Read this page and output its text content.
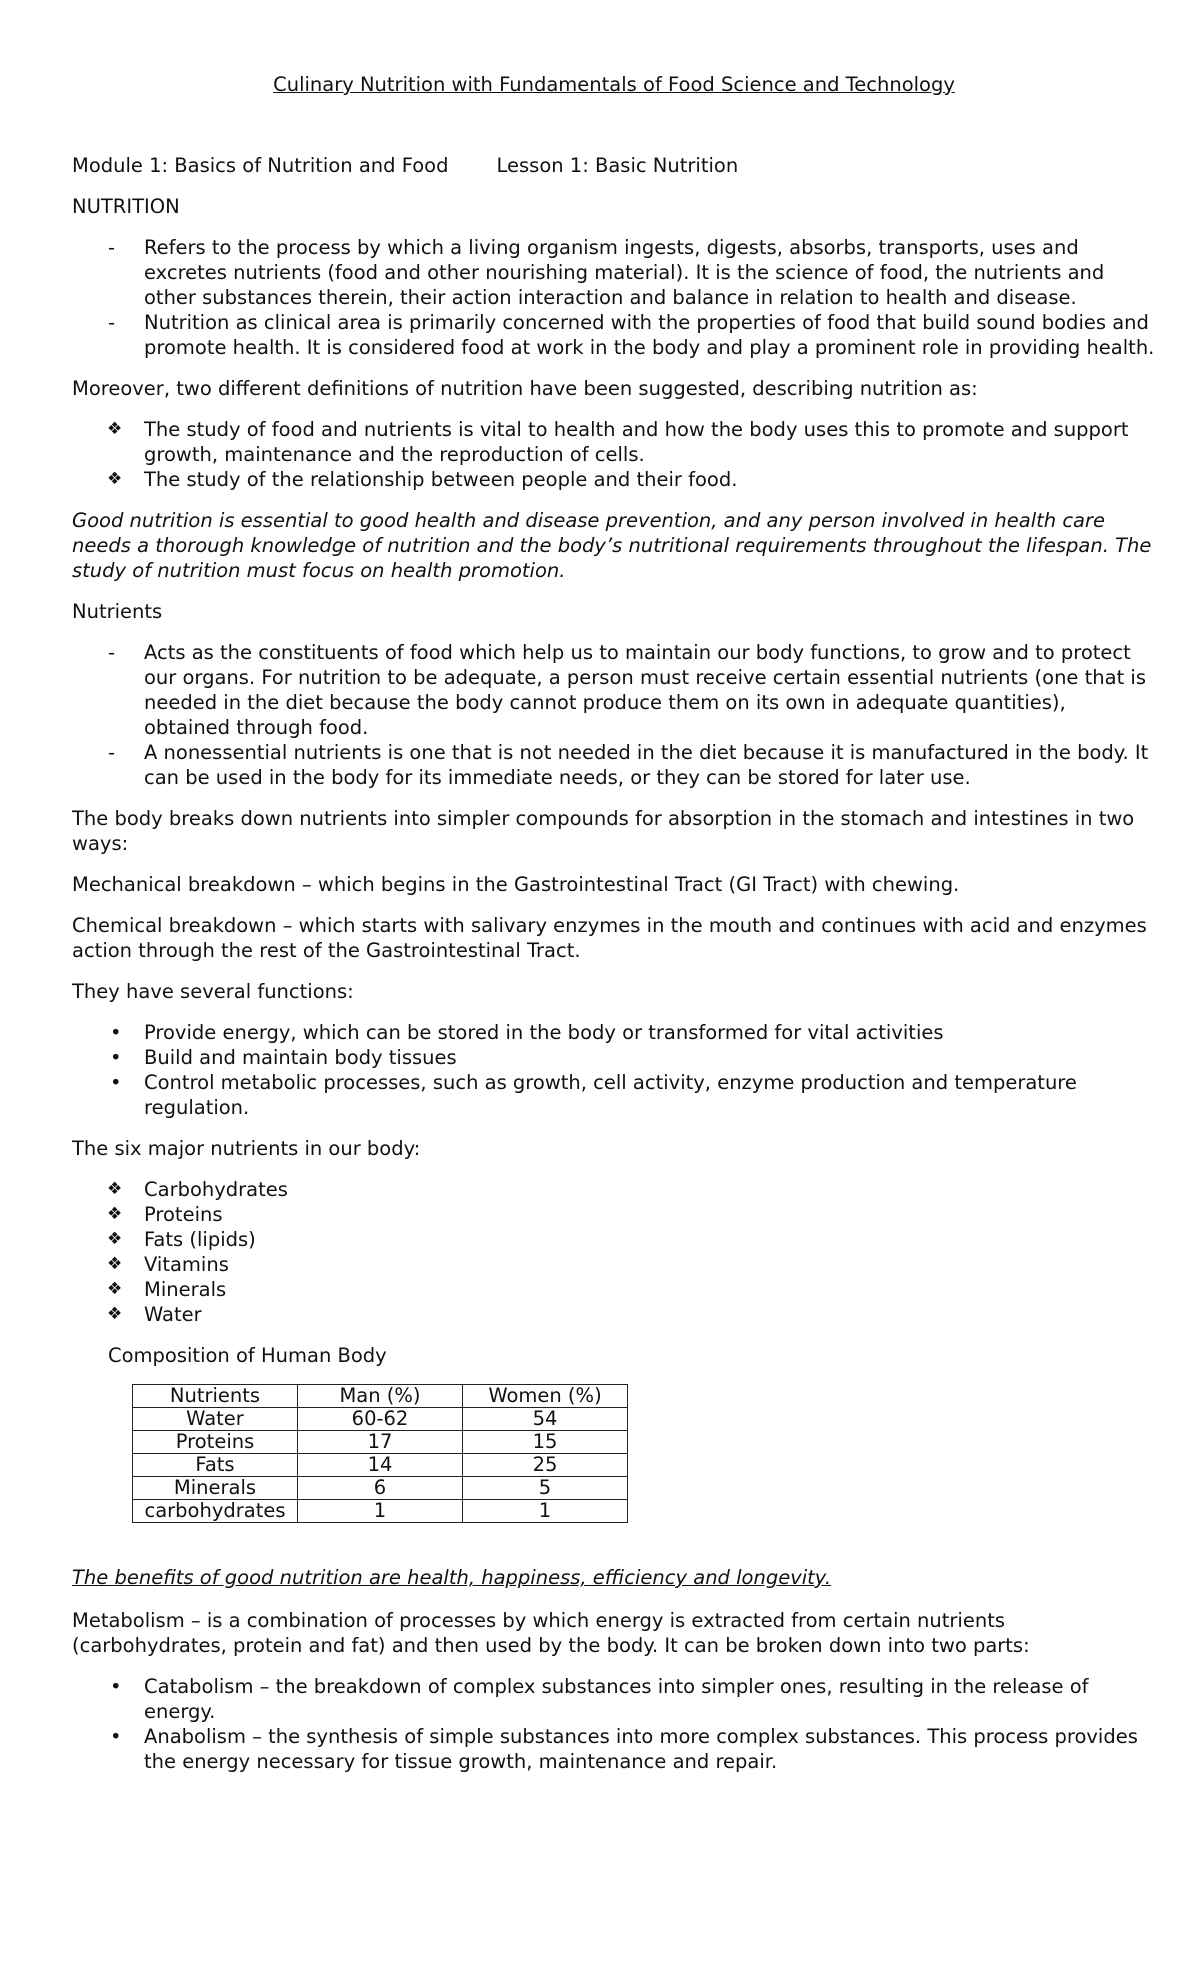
Culinary Nutrition with Fundamentals of Food Science and Technology
Module 1: Basics of Nutrition and Food Lesson 1: Basic Nutrition
NUTRITION
-	Refers to the process by which a living organism ingests, digests, absorbs, transports, uses and excretes nutrients (food and other nourishing material). It is the science of food, the nutrients and other substances therein, their action interaction and balance in relation to health and disease.
-	Nutrition as clinical area is primarily concerned with the properties of food that build sound bodies and promote health. It is considered food at work in the body and play a prominent role in providing health.

Moreover, two different definitions of nutrition have been suggested, describing nutrition as:

❖	The study of food and nutrients is vital to health and how the body uses this to promote and support growth, maintenance and the reproduction of cells.
❖	The study of the relationship between people and their food.

Good nutrition is essential to good health and disease prevention, and any person involved in health care needs a thorough knowledge of nutrition and the body’s nutritional requirements throughout the lifespan. The study of nutrition must focus on health promotion.

Nutrients
-	Acts as the constituents of food which help us to maintain our body functions, to grow and to protect our organs. For nutrition to be adequate, a person must receive certain essential nutrients (one that is needed in the diet because the body cannot produce them on its own in adequate quantities), obtained through food.
-	A nonessential nutrients is one that is not needed in the diet because it is manufactured in the body. It can be used in the body for its immediate needs, or they can be stored for later use.

The body breaks down nutrients into simpler compounds for absorption in the stomach and intestines in two ways:

Mechanical breakdown – which begins in the Gastrointestinal Tract (GI Tract) with chewing.

Chemical breakdown – which starts with salivary enzymes in the mouth and continues with acid and enzymes action through the rest of the Gastrointestinal Tract.

They have several functions:

•	Provide energy, which can be stored in the body or transformed for vital activities
•	Build and maintain body tissues
•	Control metabolic processes, such as growth, cell activity, enzyme production and temperature regulation.

The six major nutrients in our body:

❖	Carbohydrates
❖	Proteins
❖	Fats (lipids)
❖	Vitamins
❖	Minerals
❖	Water
Composition of Human Body
Nutrients	Man (%)	Women (%)
Water	60-62	54
Proteins	17	15
Fats	14	25
Minerals	6	5
carbohydrates	1	1

The benefits of good nutrition are health, happiness, efficiency and longevity.

Metabolism – is a combination of processes by which energy is extracted from certain nutrients (carbohydrates, protein and fat) and then used by the body. It can be broken down into two parts:

•	Catabolism – the breakdown of complex substances into simpler ones, resulting in the release of energy.
•	Anabolism – the synthesis of simple substances into more complex substances. This process provides the energy necessary for tissue growth, maintenance and repair.
